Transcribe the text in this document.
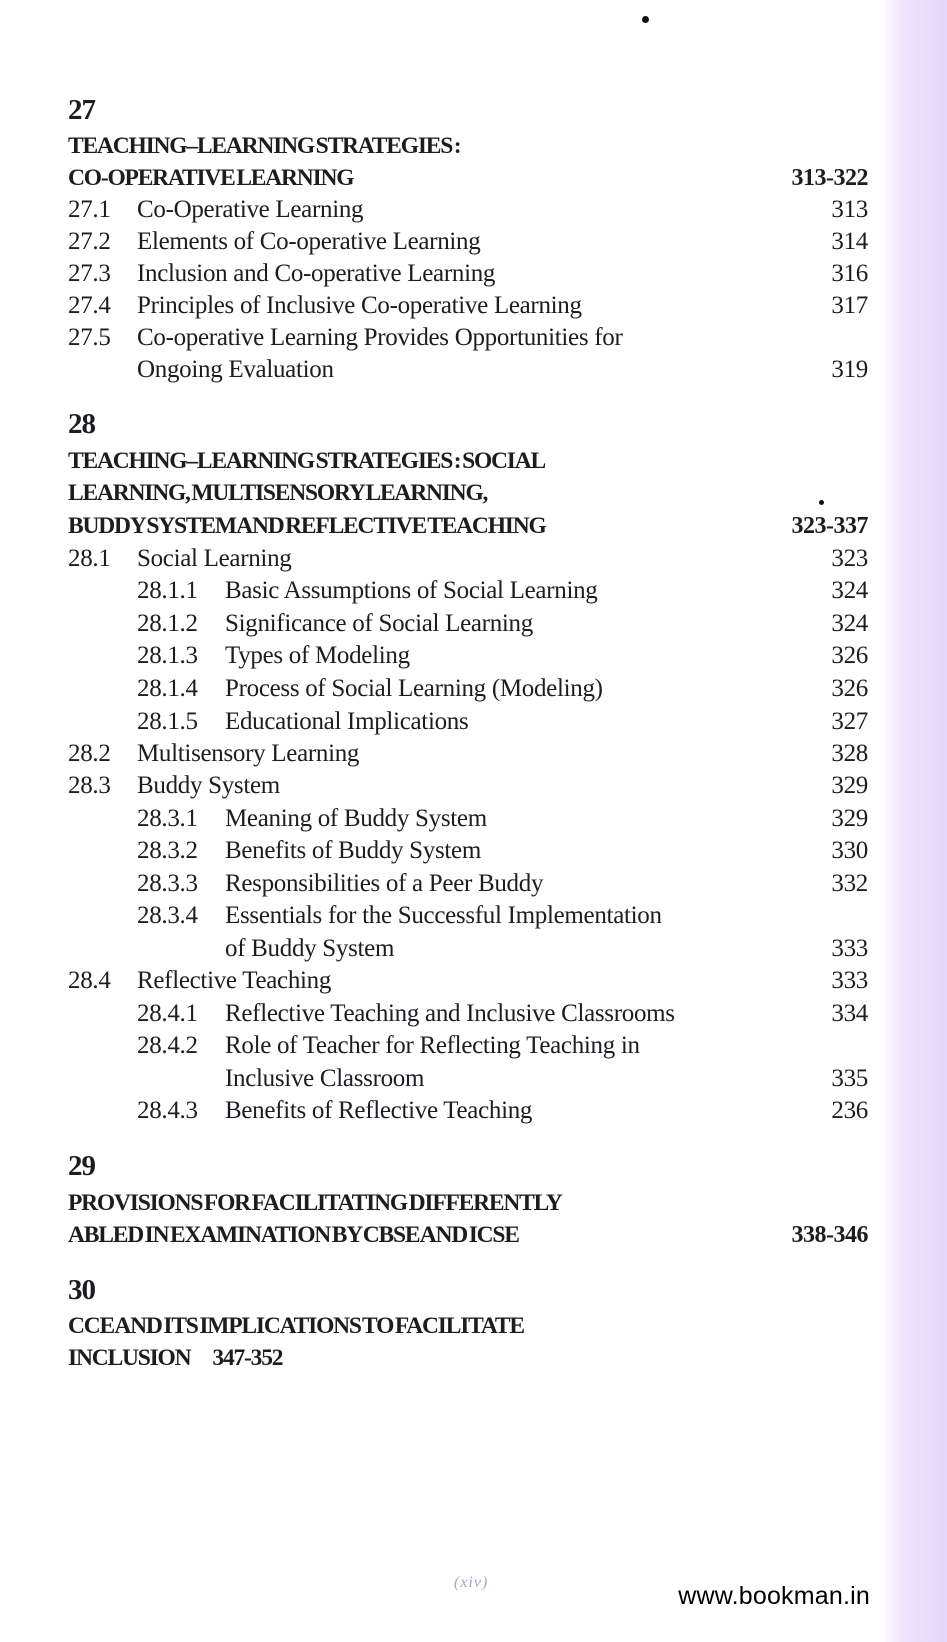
27
TEACHING–LEARNING STRATEGIES :
CO-OPERATIVE LEARNING	313-322
27.1 Co-Operative Learning	313
27.2 Elements of Co-operative Learning	314
27.3 Inclusion and Co-operative Learning	316
27.4 Principles of Inclusive Co-operative Learning	317
27.5 Co-operative Learning Provides Opportunities for
Ongoing Evaluation	319
28
TEACHING–LEARNING STRATEGIES : SOCIAL
LEARNING, MULTISENSORY LEARNING,
BUDDY SYSTEM AND REFLECTIVE TEACHING	323-337
28.1 Social Learning	323
28.1.1 Basic Assumptions of Social Learning	324
28.1.2 Significance of Social Learning	324
28.1.3 Types of Modeling	326
28.1.4 Process of Social Learning (Modeling)	326
28.1.5 Educational Implications	327
28.2 Multisensory Learning	328
28.3 Buddy System	329
28.3.1 Meaning of Buddy System	329
28.3.2 Benefits of Buddy System	330
28.3.3 Responsibilities of a Peer Buddy	332
28.3.4 Essentials for the Successful Implementation
of Buddy System	333
28.4 Reflective Teaching	333
28.4.1 Reflective Teaching and Inclusive Classrooms	334
28.4.2 Role of Teacher for Reflecting Teaching in
Inclusive Classroom	335
28.4.3 Benefits of Reflective Teaching	236
29
PROVISIONS FOR FACILITATING DIFFERENTLY
ABLED IN EXAMINATION BY CBSE AND ICSE	338-346
30
CCE AND ITS IMPLICATIONS TO FACILITATE
INCLUSION 347-352
(xiv)	www.bookman.in
